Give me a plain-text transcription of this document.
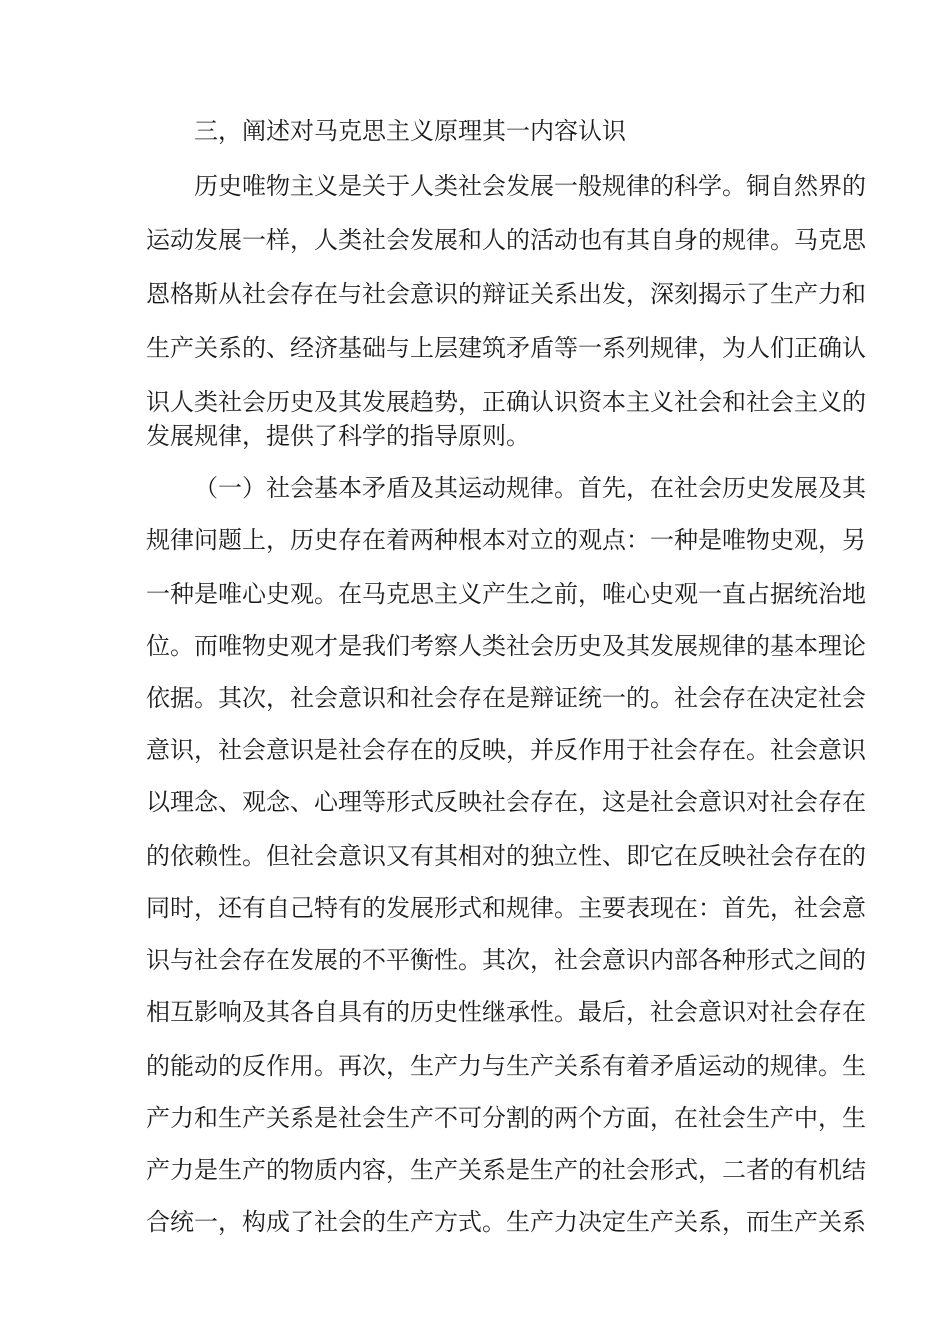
三，阐述对马克思主义原理其一内容认识
历史唯物主义是关于人类社会发展一般规律的科学。铜自然界的
运动发展一样，人类社会发展和人的活动也有其自身的规律。马克思
恩格斯从社会存在与社会意识的辩证关系出发，深刻揭示了生产力和
生产关系的、经济基础与上层建筑矛盾等一系列规律，为人们正确认
识人类社会历史及其发展趋势，正确认识资本主义社会和社会主义的
发展规律，提供了科学的指导原则。
（一）社会基本矛盾及其运动规律。首先，在社会历史发展及其
规律问题上，历史存在着两种根本对立的观点：一种是唯物史观，另
一种是唯心史观。在马克思主义产生之前，唯心史观一直占据统治地
位。而唯物史观才是我们考察人类社会历史及其发展规律的基本理论
依据。其次，社会意识和社会存在是辩证统一的。社会存在决定社会
意识，社会意识是社会存在的反映，并反作用于社会存在。社会意识
以理念、观念、心理等形式反映社会存在，这是社会意识对社会存在
的依赖性。但社会意识又有其相对的独立性、即它在反映社会存在的
同时，还有自己特有的发展形式和规律。主要表现在：首先，社会意
识与社会存在发展的不平衡性。其次，社会意识内部各种形式之间的
相互影响及其各自具有的历史性继承性。最后，社会意识对社会存在
的能动的反作用。再次，生产力与生产关系有着矛盾运动的规律。生
产力和生产关系是社会生产不可分割的两个方面，在社会生产中，生
产力是生产的物质内容，生产关系是生产的社会形式，二者的有机结
合统一，构成了社会的生产方式。生产力决定生产关系，而生产关系
